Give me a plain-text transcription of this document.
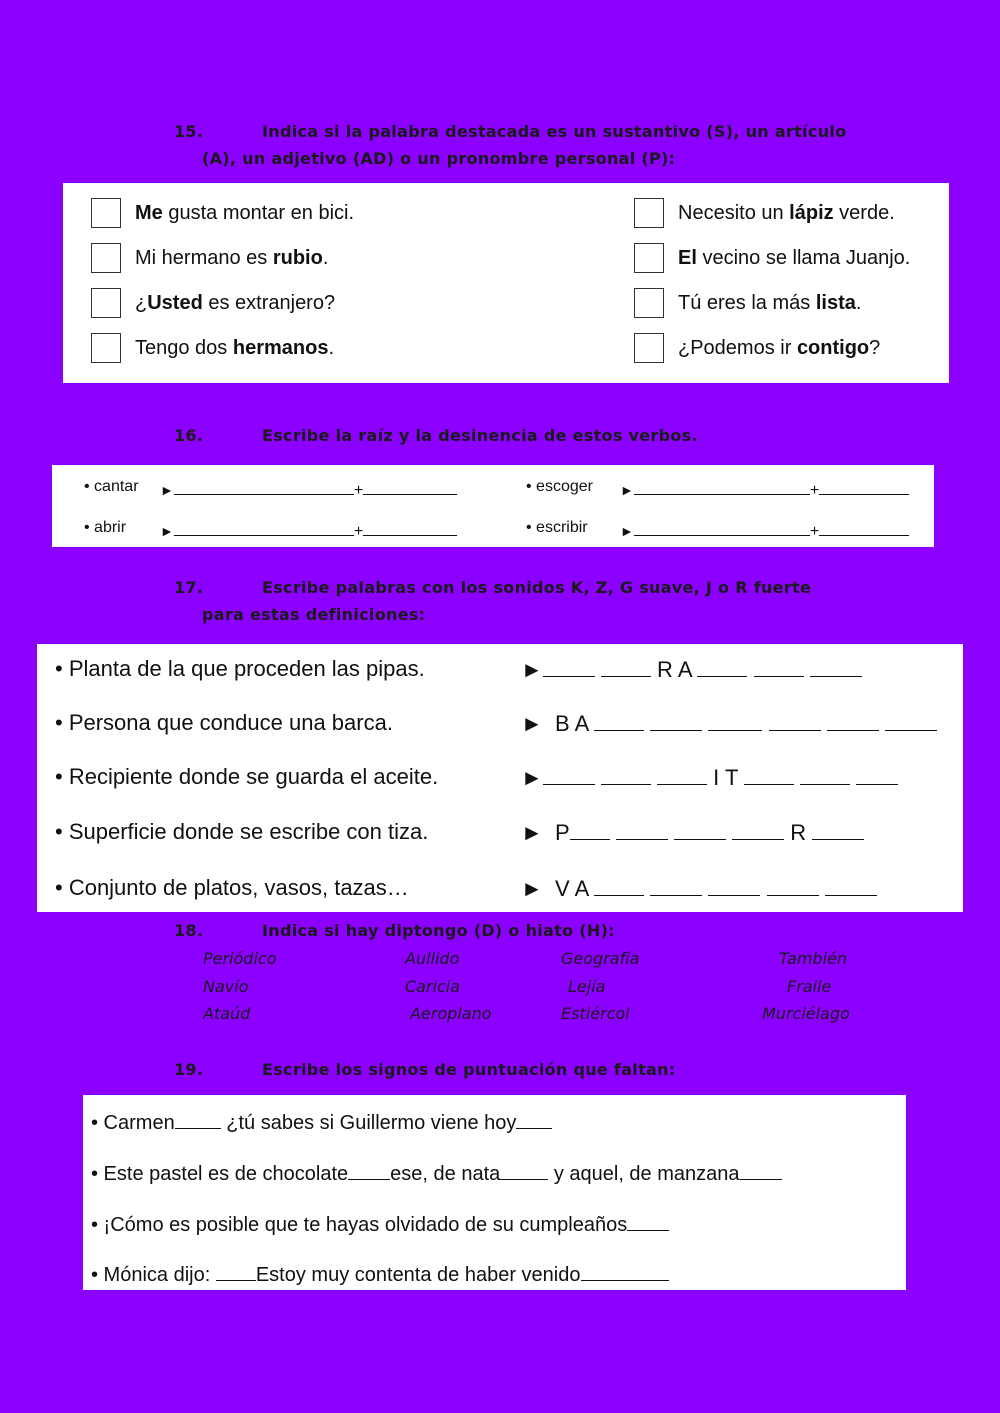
15.	Indica si la palabra destacada es un sustantivo (S), un artículo
(A), un adjetivo (AD) o un pronombre personal (P):
Me gusta montar en bici.
Mi hermano es rubio.
¿Usted es extranjero?
Tengo dos hermanos.
Necesito un lápiz verde.
El vecino se llama Juanjo.
Tú eres la más lista.
¿Podemos ir contigo?
16.	Escribe la raíz y la desinencia de estos verbos.
• cantar ►	+
• abrir ►	+
• escoger ►	+
• escribir ►	+
17.	Escribe palabras con los sonidos K, Z, G suave, J o R fuerte
para estas definiciones:
• Planta de la que proceden las pipas.	►	R A
• Persona que conduce una barca.	► B A
• Recipiente donde se guarda el aceite.	►	I T
• Superficie donde se escribe con tiza.	► P	R
• Conjunto de platos, vasos, tazas…	► V A
18.	Indica si hay diptongo (D) o hiato (H):
Periódico	Aullido	Geografía	También
Navío	Caricia	Lejía	Fraile
Ataúd	Aeroplano	Estiércol	Murciélago
19.	Escribe los signos de puntuación que faltan:
• Carmen ¿tú sabes si Guillermo viene hoy
• Este pastel es de chocolate ese, de nata y aquel, de manzana
• ¡Cómo es posible que te hayas olvidado de su cumpleaños
• Mónica dijo: Estoy muy contenta de haber venido
